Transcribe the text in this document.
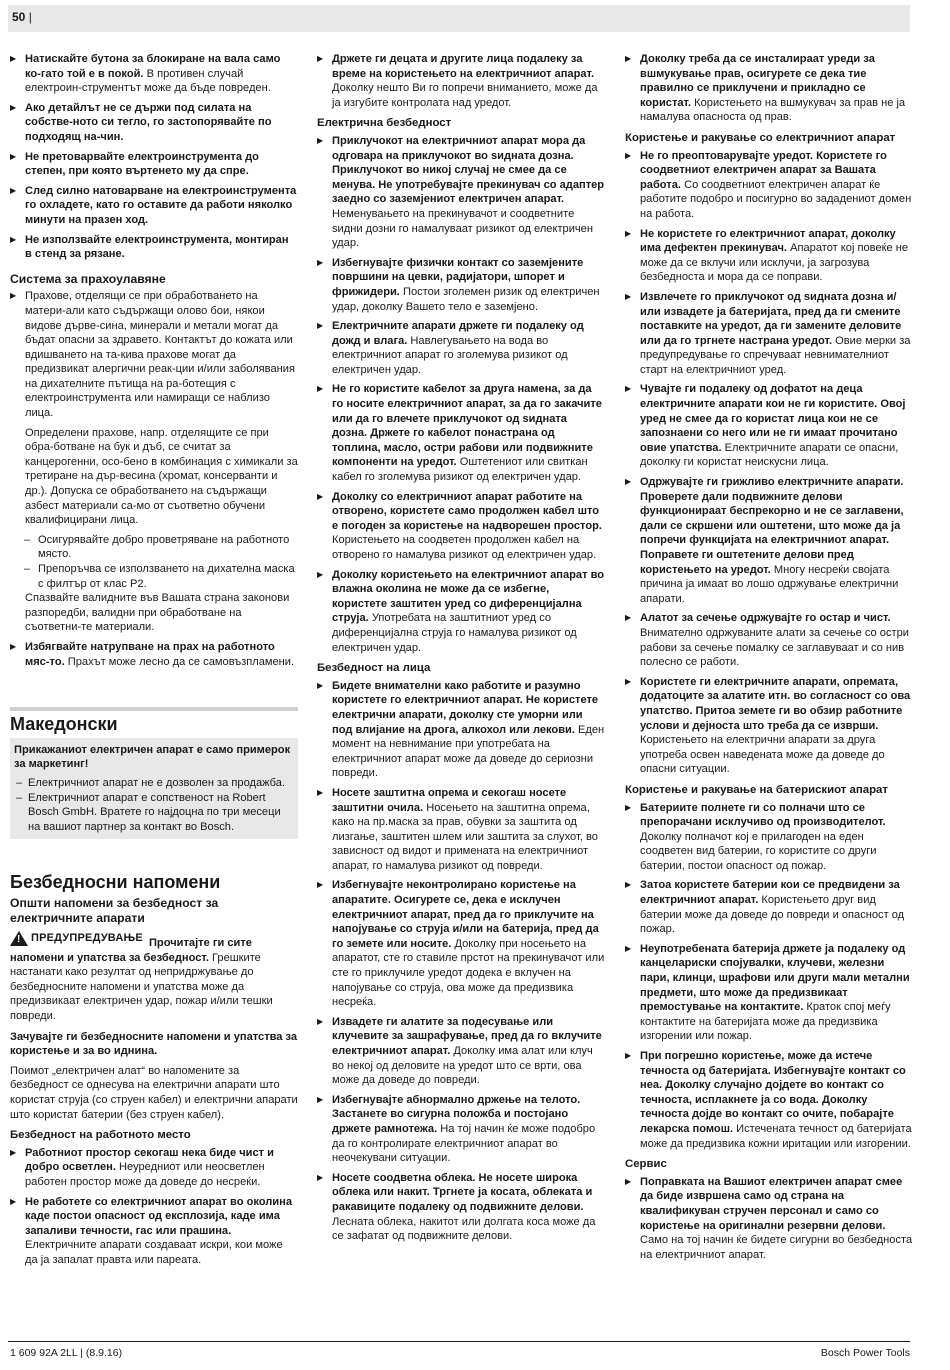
50 |
▶ Натискайте бутона за блокиране на вала само ко-гато той е в покой. В противен случай електроин-струментът може да бъде повреден.
▶ Ако детайлът не се държи под силата на собстве-ното си тегло, го застопорявайте по подходящ на-чин.
▶ Не претоварвайте електроинструмента до степен, при която въртенето му да спре.
▶ След силно натоварване на електроинструмента го охладете, като го оставите да работи няколко минути на празен ход.
▶ Не използвайте електроинструмента, монтиран в стенд за рязане.
Система за прахоулавяне

▶ Прахове, отделящи се при обработването на матери-али като съдържащи олово бои, някои видове дърве-сина, минерали и метали могат да бъдат опасни за здравето. Контактът до кожата или вдишването на та-кива прахове могат да предизвикат алергични реак-ции и/или заболявания на дихателните пътища на ра-ботещия с електроинструмента или намиращи се наблизо лица.

Определени прахове, напр. отделящите се при обра-ботване на бук и дъб, се считат за канцерогенни, осо-бено в комбинация с химикали за третиране на дър-весина (хромат, консерванти и др.). Допуска се обработването на съдържащи азбест материали са-мо от съответно обучени квалифицирани лица.

– Осигурявайте добро проветряване на работното място.
– Препоръчва се използването на дихателна маска с филтър от клас P2.

Спазвайте валидните във Вашата страна законови разпоредби, валидни при обработване на съответни-те материали.

▶ Избягвайте натрупване на прах на работното мяс-то. Прахът може лесно да се самовъзпламени.
Македонски
Прикажаниот електричен апарат е само примерок за маркетинг!
– Електричниот апарат не е дозволен за продажба.
– Електричниот апарат е сопственост на Robert Bosch GmbH. Вратете го најдоцна по три месеци на вашиот партнер за контакт во Bosch.
Безбедносни напомени
Општи напомени за безбедност за електричните апарати
!
ПРЕДУПРЕДУВАЊЕ Прочитајте ги сите напомени и упатства за безбедност. Грешките настанати како резултат од непридржување до безбедносните напомени и упатства може да предизвикаат електричен удар, пожар и/или тешки повреди.

Зачувајте ги безбедносните напомени и упатства за користење и за во иднина.

Поимот „електричен алат“ во напомените за безбедност се однесува на електрични апарати што користат струја (со струен кабел) и електрични апарати што користат батерии (без струен кабел).

Безбедност на работното место
▶ Работниот простор секогаш нека биде чист и добро осветлен. Неуредниот или неосветлен работен простор може да доведе до несреќи.
▶ Не работете со електричниот апарат во околина каде постои опасност од експлозија, каде има запаливи течности, гас или прашина. Електричните апарати создаваат искри, кои може да ја запалат правта или пареата.
▶ Држете ги децата и другите лица подалеку за време на користењето на електричниот апарат. Доколку нешто Ви го попречи вниманието, може да ја изгубите контролата над уредот.
Електрична безбедност
▶ Приклучокот на електричниот апарат мора да одговара на приклучокот во ѕидната дозна. Приклучокот во никој случај не смее да се менува. Не употребувајте прекинувач со адаптер заедно со заземјениот електричен апарат. Неменувањето на прекинувачот и соодветните ѕидни дозни го намалуваат ризикот од електричен удар.
▶ Избегнувајте физички контакт со заземјените површини на цевки, радијатори, шпорет и фрижидери. Постои зголемен ризик од електричен удар, доколку Вашето тело е заземјено.
▶ Електричните апарати држете ги подалеку од дожд и влага. Навлегувањето на вода во електричниот апарат го зголемува ризикот од електричен удар.
▶ Не го користите кабелот за друга намена, за да го носите електричниот апарат, за да го закачите или да го влечете приклучокот од ѕидната дозна. Држете го кабелот понастрана од топлина, масло, остри рабови или подвижните компоненти на уредот. Оштетениот или свиткан кабел го зголемува ризикот од електричен удар.
▶ Доколку со електричниот апарат работите на отворено, користете само продолжен кабел што е погоден за користење на надворешен простор. Користењето на соодветен продолжен кабел на отворено го намалува ризикот од електричен удар.
▶ Доколку користењето на електричниот апарат во влажна околина не може да се избегне, користете заштитен уред со диференцијална струја. Употребата на заштитниот уред со диференцијална струја го намалува ризикот од електричен удар.
Безбедност на лица
▶ Бидете внимателни како работите и разумно користете го електричниот апарат. Не користете електрични апарати, доколку сте уморни или под влијание на дрога, алкохол или лекови. Еден момент на невнимание при употребата на електричниот апарат може да доведе до сериозни повреди.
▶ Носете заштитна опрема и секогаш носете заштитни очила. Носењето на заштитна опрема, како на пр.маска за прав, обувки за заштита од лизгање, заштитен шлем или заштита за слухот, во зависност од видот и примената на електричниот апарат, го намалува ризикот од повреди.
▶ Избегнувајте неконтролирано користење на апаратите. Осигурете се, дека е исклучен електричниот апарат, пред да го приклучите на напојување со струја и/или на батерија, пред да го земете или носите. Доколку при носењето на апаратот, сте го ставиле прстот на прекинувачот или сте го приклучиле уредот додека е вклучен на напојување со струја, ова може да предизвика несреќа.
▶ Извадете ги алатите за подесување или клучевите за зашрафување, пред да го вклучите електричниот апарат. Доколку има алат или клуч во некој од деловите на уредот што се врти, ова може да доведе до повреди.
▶ Избегнувајте абнормално држење на телото. Застанете во сигурна положба и постојано држете рамнотежа. На тој начин ќе може подобро да го контролирате електричниот апарат во неочекувани ситуации.
▶ Носете соодветна облека. Не носете широка облека или накит. Тргнете ја косата, облеката и ракавиците подалеку од подвижните делови. Лесната облека, накитот или долгата коса може да се зафатат од подвижните делови.
▶ Доколку треба да се инсталираат уреди за вшмукување прав, осигурете се дека тие правилно се приклучени и прикладно се користат. Користењето на вшмукувач за прав не ја намалува опасноста од прав.
Користење и ракување со електричниот апарат
▶ Не го преоптоварувајте уредот. Користете го соодветниот електричен апарат за Вашата работа. Со соодветниот електричен апарат ќе работите подобро и посигурно во зададениот домен на работа.
▶ Не користете го електричниот апарат, доколку има дефектен прекинувач. Апаратот кој повеќе не може да се вклучи или исклучи, ја загрозува безбедноста и мора да се поправи.
▶ Извлечете го приклучокот од ѕидната дозна и/или извадете ја батеријата, пред да ги смените поставките на уредот, да ги замените деловите или да го тргнете настрана уредот. Овие мерки за предупредување го спречуваат невнимателниот старт на електричниот уред.
▶ Чувајте ги подалеку од дофатот на деца електричните апарати кои не ги користите. Овој уред не смее да го користат лица кои не се запознаени со него или не ги имаат прочитано овие упатства. Електричните апарати се опасни, доколку ги користат неискусни лица.
▶ Одржувајте ги грижливо електричните апарати. Проверете дали подвижните делови функционираат беспрекорно и не се заглавени, дали се скршени или оштетени, што може да ја попречи функцијата на електричниот апарат. Поправете ги оштетените делови пред користењето на уредот. Многу несреќи својата причина ја имаат во лошо одржување електрични апарати.
▶ Алатот за сечење одржувајте го остар и чист. Внимателно одржуваните алати за сечење со остри рабови за сечење помалку се заглавуваат и со нив полесно се работи.
▶ Користете ги електричните апарати, опремата, додатоците за алатите итн. во согласност со ова упатство. Притоа земете ги во обзир работните услови и дејноста што треба да се изврши. Користењето на електрични апарати за друга употреба освен наведената може да доведе до опасни ситуации.
Користење и ракување на батерискиот апарат
▶ Батериите полнете ги со полначи што се препорачани исклучиво од производителот. Доколку полначот кој е прилагоден на еден соодветен вид батерии, го користите со други батерии, постои опасност од пожар.
▶ Затоа користете батерии кои се предвидени за електричниот апарат. Користењето друг вид батерии може да доведе до повреди и опасност од пожар.
▶ Неупотребената батерија држете ја подалеку од канцелариски спојувалки, клучеви, железни пари, клинци, шрафови или други мали метални предмети, што може да предизвикаат премостување на контактите. Краток спој меѓу контактите на батеријата може да предизвика изгорении или пожар.
▶ При погрешно користење, може да истече течноста од батеријата. Избегнувајте контакт со неа. Доколку случајно дојдете во контакт со течноста, исплакнете ја со вода. Доколку течноста дојде во контакт со очите, побарајте лекарска помош. Истечената течност од батеријата може да предизвика кожни иритации или изгорении.
Сервис
▶ Поправката на Вашиот електричен апарат смее да биде извршена само од страна на квалификуван стручен персонал и само со користење на оригинални резервни делови. Само на тој начин ќе бидете сигурни во безбедноста на електричниот апарат.
1 609 92A 2LL | (8.9.16)	Bosch Power Tools
